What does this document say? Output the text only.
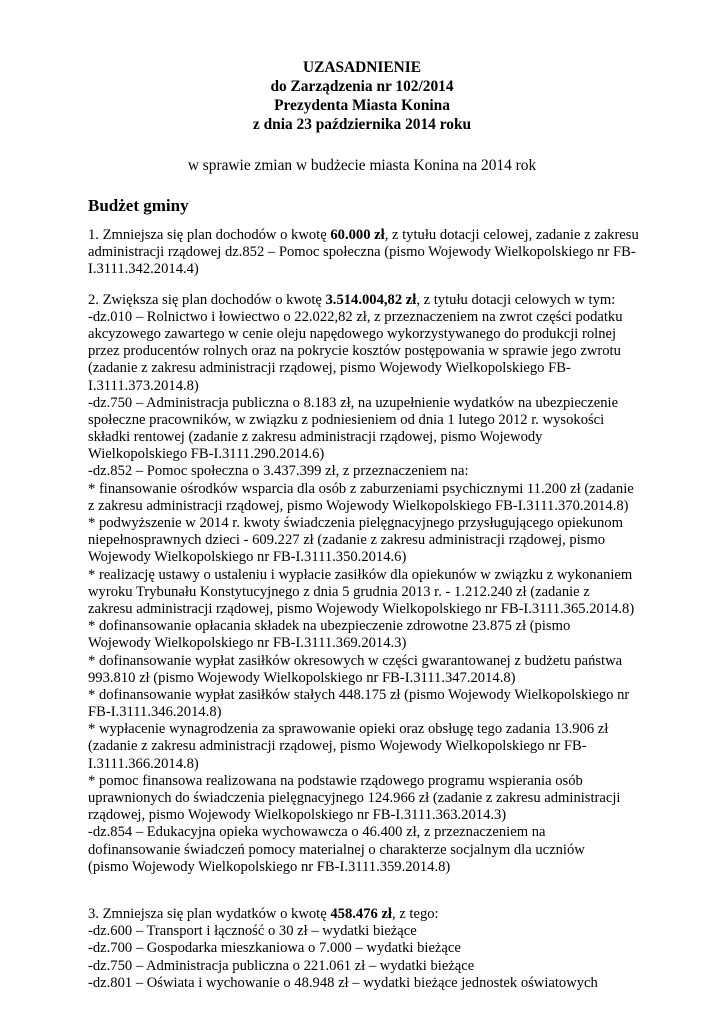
UZASADNIENIE
do Zarządzenia nr 102/2014
Prezydenta Miasta Konina
z dnia 23 października 2014 roku
w sprawie zmian w budżecie miasta Konina na 2014 rok
Budżet gminy
1. Zmniejsza się plan dochodów o kwotę 60.000 zł, z tytułu dotacji celowej, zadanie z zakresu
administracji rządowej dz.852 – Pomoc społeczna (pismo Wojewody Wielkopolskiego nr FB-
I.3111.342.2014.4)
2. Zwiększa się plan dochodów o kwotę 3.514.004,82 zł, z tytułu dotacji celowych w tym:
-dz.010 – Rolnictwo i łowiectwo o 22.022,82 zł, z przeznaczeniem na zwrot części podatku
akcyzowego zawartego w cenie oleju napędowego wykorzystywanego do produkcji rolnej
przez producentów rolnych oraz na pokrycie kosztów postępowania w sprawie jego zwrotu
(zadanie z zakresu administracji rządowej, pismo Wojewody Wielkopolskiego FB-
I.3111.373.2014.8)
-dz.750 – Administracja publiczna o 8.183 zł, na uzupełnienie wydatków na ubezpieczenie
społeczne pracowników, w związku z podniesieniem od dnia 1 lutego 2012 r. wysokości
składki rentowej (zadanie z zakresu administracji rządowej, pismo Wojewody
Wielkopolskiego FB-I.3111.290.2014.6)
-dz.852 – Pomoc społeczna o 3.437.399 zł, z przeznaczeniem na:
* finansowanie ośrodków wsparcia dla osób z zaburzeniami psychicznymi 11.200 zł (zadanie
z zakresu administracji rządowej, pismo Wojewody Wielkopolskiego FB-I.3111.370.2014.8)
* podwyższenie w 2014 r. kwoty świadczenia pielęgnacyjnego przysługującego opiekunom
niepełnosprawnych dzieci - 609.227 zł (zadanie z zakresu administracji rządowej, pismo
Wojewody Wielkopolskiego nr FB-I.3111.350.2014.6)
* realizację ustawy o ustaleniu i wypłacie zasiłków dla opiekunów w związku z wykonaniem
wyroku Trybunału Konstytucyjnego z dnia 5 grudnia 2013 r. - 1.212.240 zł (zadanie z
zakresu administracji rządowej, pismo Wojewody Wielkopolskiego nr FB-I.3111.365.2014.8)
* dofinansowanie opłacania składek na ubezpieczenie zdrowotne 23.875 zł (pismo
Wojewody Wielkopolskiego nr FB-I.3111.369.2014.3)
* dofinansowanie wypłat zasiłków okresowych w części gwarantowanej z budżetu państwa
993.810 zł (pismo Wojewody Wielkopolskiego nr FB-I.3111.347.2014.8)
* dofinansowanie wypłat zasiłków stałych 448.175 zł (pismo Wojewody Wielkopolskiego nr
FB-I.3111.346.2014.8)
* wypłacenie wynagrodzenia za sprawowanie opieki oraz obsługę tego zadania 13.906 zł
(zadanie z zakresu administracji rządowej, pismo Wojewody Wielkopolskiego nr FB-
I.3111.366.2014.8)
* pomoc finansowa realizowana na podstawie rządowego programu wspierania osób
uprawnionych do świadczenia pielęgnacyjnego 124.966 zł (zadanie z zakresu administracji
rządowej, pismo Wojewody Wielkopolskiego nr FB-I.3111.363.2014.3)
-dz.854 – Edukacyjna opieka wychowawcza o 46.400 zł, z przeznaczeniem na
dofinansowanie świadczeń pomocy materialnej o charakterze socjalnym dla uczniów
(pismo Wojewody Wielkopolskiego nr FB-I.3111.359.2014.8)
3. Zmniejsza się plan wydatków o kwotę 458.476 zł, z tego:
-dz.600 – Transport i łączność o 30 zł – wydatki bieżące
-dz.700 – Gospodarka mieszkaniowa o 7.000 – wydatki bieżące
-dz.750 – Administracja publiczna o 221.061 zł – wydatki bieżące
-dz.801 – Oświata i wychowanie o 48.948 zł – wydatki bieżące jednostek oświatowych
